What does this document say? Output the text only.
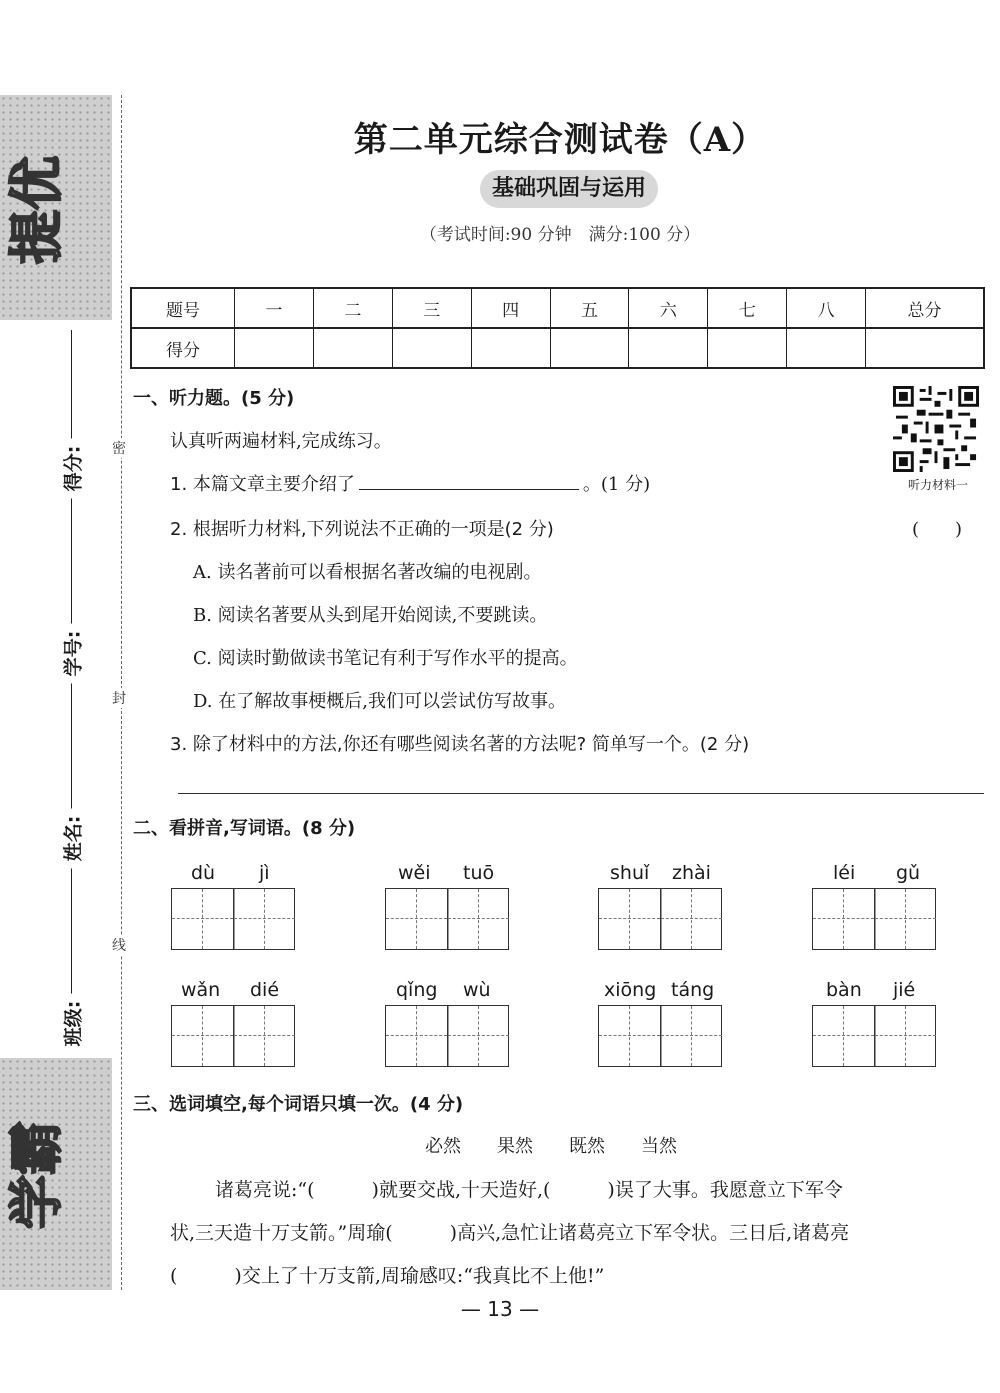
提优
学霸
得分:
学号:
姓名:
班级:
密
封
线
第二单元综合测试卷（A）
基础巩固与运用
（考试时间:90 分钟　满分:100 分）
题号	一	二	三	四	五	六	七	八	总分
得分									
一、听力题。(5 分)
认真听两遍材料,完成练习。
1. 本篇文章主要介绍了	。(1 分)
2. 根据听力材料,下列说法不正确的一项是(2 分)	(　　)
A. 读名著前可以看根据名著改编的电视剧。
B. 阅读名著要从头到尾开始阅读,不要跳读。
C. 阅读时勤做读书笔记有利于写作水平的提高。
D. 在了解故事梗概后,我们可以尝试仿写故事。
3. 除了材料中的方法,你还有哪些阅读名著的方法呢? 简单写一个。(2 分)
听力材料一
二、看拼音,写词语。(8 分)
dù jì	wěi tuō	shuǐ zhài	léi gǔ
wǎn dié	qǐng wù	xiōng táng	bàn jié
三、选词填空,每个词语只填一次。(4 分)
必然　　果然　　既然　　当然
诸葛亮说:“(　　　)就要交战,十天造好,(　　　)误了大事。我愿意立下军令
状,三天造十万支箭。”周瑜(　　　)高兴,急忙让诸葛亮立下军令状。三日后,诸葛亮
(　　　)交上了十万支箭,周瑜感叹:“我真比不上他!”
— 13 —
